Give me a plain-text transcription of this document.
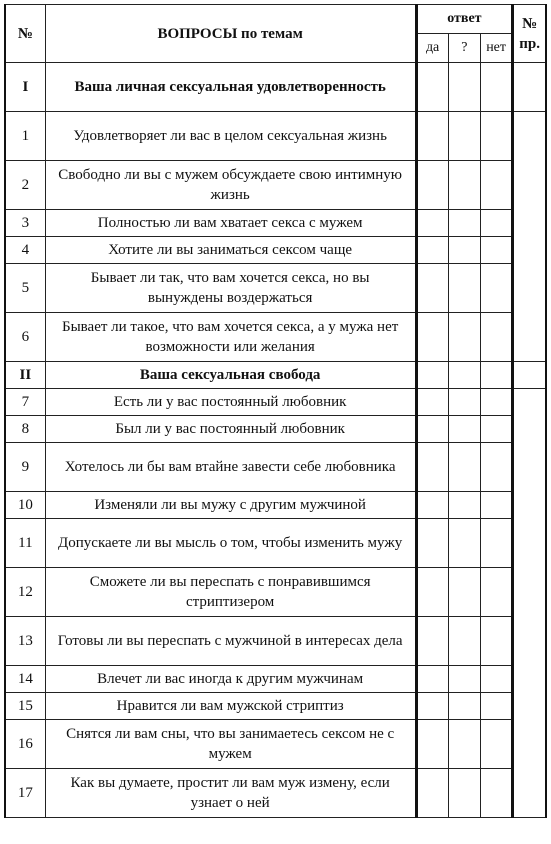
№	ВОПРОСЫ по темам	ответ			№
пр.

		да	?	нет	
I	Ваша личная сексуальная удовлетворенность				
1	Удовлетворяет ли вас в целом сексуальная жизнь				
2	Свободно ли вы с мужем обсуждаете свою интимную жизнь				
3	Полностью ли вам хватает секса с мужем				
4	Хотите ли вы заниматься сексом чаще				
5	Бывает ли так, что вам хочется секса, но вы вынуждены воздержаться				
6	Бывает ли такое, что вам хочется секса, а у мужа нет возможности или желания				
II	Ваша сексуальная свобода				
7	Есть ли у вас постоянный любовник				
8	Был ли у вас постоянный любовник				
9	Хотелось ли бы вам втайне завести себе любовника				
10	Изменяли ли вы мужу с другим мужчиной				
11	Допускаете ли вы мысль о том, чтобы изменить мужу				
12	Сможете ли вы переспать с понравившимся стриптизером				
13	Готовы ли вы переспать с мужчиной в интересах дела				
14	Влечет ли вас иногда к другим мужчинам				
15	Нравится ли вам мужской стриптиз				
16	Снятся ли вам сны, что вы занимаетесь сексом не с мужем				
17	Как вы думаете, простит ли вам муж измену, если узнает о ней				
